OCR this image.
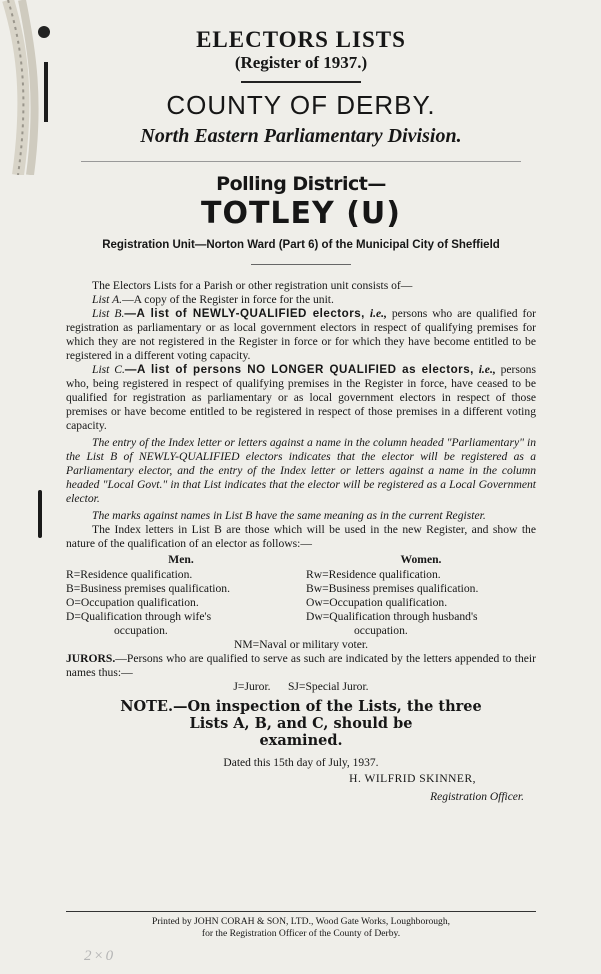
ELECTORS LISTS

(Register of 1937.)

COUNTY OF DERBY.

North Eastern Parliamentary Division.

Polling District—

TOTLEY (U)

Registration Unit—Norton Ward (Part 6) of the Municipal City of Sheffield

The Electors Lists for a Parish or other registration unit consists of—

List A.—A copy of the Register in force for the unit.

List B.—A list of NEWLY-QUALIFIED electors, i.e., persons who are qualified for registration as parliamentary or as local government electors in respect of qualifying premises for which they are not registered in the Register in force or for which they have become entitled to be registered in a different voting capacity.

List C.—A list of persons NO LONGER QUALIFIED as electors, i.e., persons who, being registered in respect of qualifying premises in the Register in force, have ceased to be qualified for registration as parliamentary or as local government electors in respect of those premises or have become entitled to be registered in respect of those premises in a different voting capacity.

The entry of the Index letter or letters against a name in the column headed "Parliamentary" in the List B of NEWLY-QUALIFIED electors indicates that the elector will be registered as a Parliamentary elector, and the entry of the Index letter or letters against a name in the column headed "Local Govt." in that List indicates that the elector will be registered as a Local Government elector.

The marks against names in List B have the same meaning as in the current Register.

The Index letters in List B are those which will be used in the new Register, and show the nature of the qualification of an elector as follows:—

Men.
R=Residence qualification.
B=Business premises qualification.
O=Occupation qualification.
D=Qualification through wife's
occupation.
Women.
Rw=Residence qualification.
Bw=Business premises qualification.
Ow=Occupation qualification.
Dw=Qualification through husband's
occupation.

NM=Naval or military voter.

JURORS.—Persons who are qualified to serve as such are indicated by the letters appended to their names thus:—

J=Juror. SJ=Special Juror.

NOTE.—On inspection of the Lists, the three
Lists A, B, and C, should be
examined.

Dated this 15th day of July, 1937.

H. WILFRID SKINNER,

Registration Officer.

Printed by JOHN CORAH & SON, LTD., Wood Gate Works, Loughborough,
for the Registration Officer of the County of Derby.
2×0
